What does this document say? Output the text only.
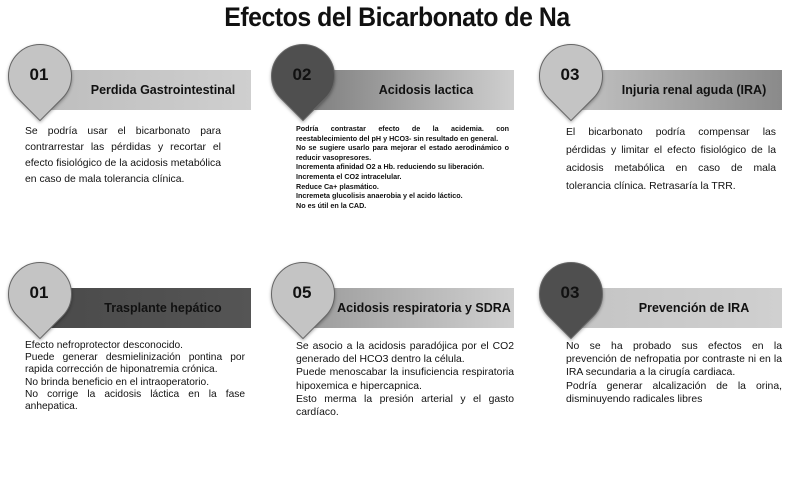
Efectos del Bicarbonato de Na
Perdida Gastrointestinal
01

Se podría usar el bicarbonato para contrarrestar las pérdidas y recortar el efecto fisiológico de la acidosis metabólica en caso de mala tolerancia clínica.

Acidosis lactica
02

Podría contrastar efecto de la acidemia. con reestablecimiento del pH y HCO3- sin resultado en general.

No se sugiere usarlo para mejorar el estado aerodinámico o reducir vasopresores.

Incrementa afinidad O2 a Hb. reduciendo su liberación.

Incrementa el CO2 intracelular.

Reduce Ca+ plasmático.

Incremeta glucolisis anaerobia y el acido láctico.

No es útil en la CAD.

Injuria renal aguda (IRA)
03

El bicarbonato podría compensar las pérdidas y limitar el efecto fisiológico de la acidosis metabólica en caso de mala tolerancia clínica. Retrasaría la TRR.

Trasplante hepático
01

Efecto nefroprotector desconocido.

Puede generar desmielinización pontina por rapida corrección de hiponatremia crónica.

No brinda beneficio en el intraoperatorio.

No corrige la acidosis láctica en la fase anhepatica.

Acidosis respiratoria y SDRA
05

Se asocio a la acidosis paradójica por el CO2 generado del HCO3 dentro la célula.

Puede menoscabar la insuficiencia respiratoria hipoxemica e hipercapnica.

Esto merma la presión arterial y el gasto cardíaco.

Prevención de IRA
03

No se ha probado sus efectos en la prevención de nefropatia por contraste ni en la IRA secundaria a la cirugía cardiaca.

Podría generar alcalización de la orina, disminuyendo radicales libres
